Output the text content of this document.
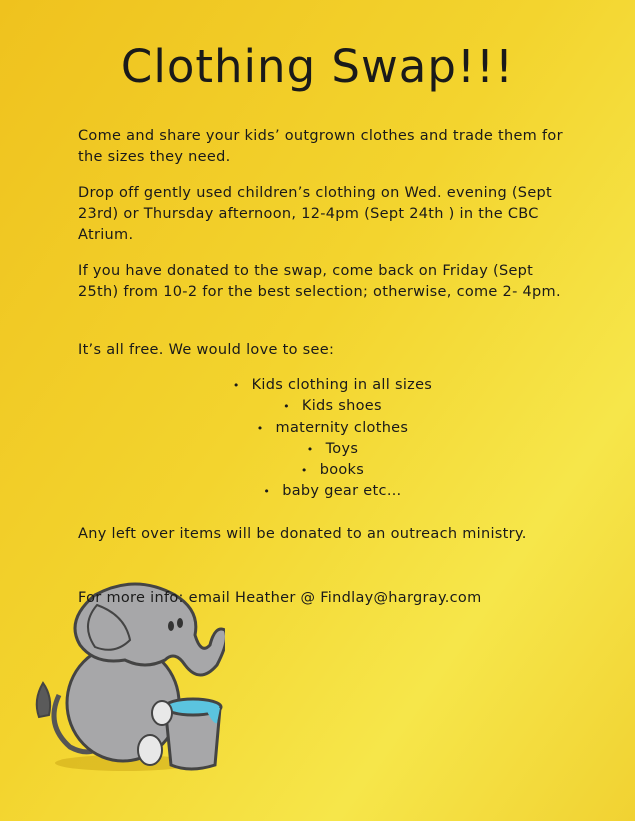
Clothing Swap!!!

Come and share your kids’ outgrown clothes and trade them for the sizes they need.

Drop off gently used children’s clothing on Wed. evening (Sept 23rd) or Thursday afternoon, 12-4pm (Sept 24th ) in the CBC Atrium.

If you have donated to the swap, come back on Friday (Sept 25th) from 10-2 for the best selection; otherwise, come 2- 4pm.

It’s all free. We would love to see:

• Kids clothing in all sizes
• Kids shoes
• maternity clothes
• Toys
• books
• baby gear etc…

Any left over items will be donated to an outreach ministry.

For more info: email Heather @ Findlay@hargray.com
